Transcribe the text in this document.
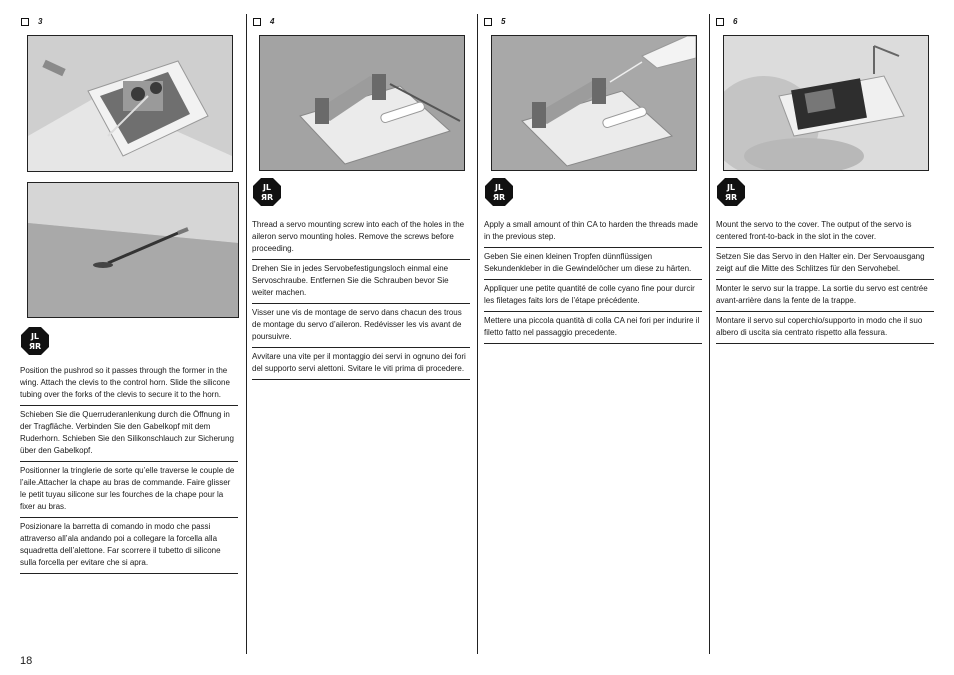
3
JL
ЯR

Position the pushrod so it passes through the former in the wing. Attach the clevis to the control horn. Slide the silicone tubing over the forks of the clevis to secure it to the horn.

Schieben Sie die Querruderanlenkung durch die Öffnung in der Tragfläche. Verbinden Sie den Gabelkopf mit dem Ruderhorn. Schieben Sie den Silikonschlauch zur Sicherung über den Gabelkopf.

Positionner la tringlerie de sorte qu’elle traverse le couple de l’aile.Attacher la chape au bras de commande. Faire glisser le petit tuyau silicone sur les fourches de la chape pour la fixer au bras.

Posizionare la barretta di comando in modo che passi attraverso all’ala andando poi a collegare la forcella alla squadretta dell’alettone. Far scorrere il tubetto di silicone sulla forcella per evitare che si apra.

4
JL
ЯR

Thread a servo mounting screw into each of the holes in the aileron servo mounting holes. Remove the screws before proceeding.

Drehen Sie in jedes Servobefestigungsloch einmal eine Servoschraube. Entfernen Sie die Schrauben bevor Sie weiter machen.

Visser une vis de montage de servo dans chacun des trous de montage du servo d’aileron. Redévisser les vis avant de poursuivre.

Avvitare una vite per il montaggio dei servi in ognuno dei fori del supporto servi alettoni. Svitare le viti prima di procedere.

5
JL
ЯR

Apply a small amount of thin CA to harden the threads made in the previous step.

Geben Sie einen kleinen Tropfen dünnflüssigen Sekundenkleber in die Gewindelöcher um diese zu härten.

Appliquer une petite quantité de colle cyano fine pour durcir les filetages faits lors de l’étape précédente.

Mettere una piccola quantità di colla CA nei fori per indurire il filetto fatto nel passaggio precedente.

6
JL
ЯR

Mount the servo to the cover. The output of the servo is centered front-to-back in the slot in the cover.

Setzen Sie das Servo in den Halter ein. Der Servoausgang zeigt auf die Mitte des Schlitzes für den Servohebel.

Monter le servo sur la trappe. La sortie du servo est centrée avant-arrière dans la fente de la trappe.

Montare il servo sul coperchio/supporto in modo che il suo albero di uscita sia centrato rispetto alla fessura.

18
